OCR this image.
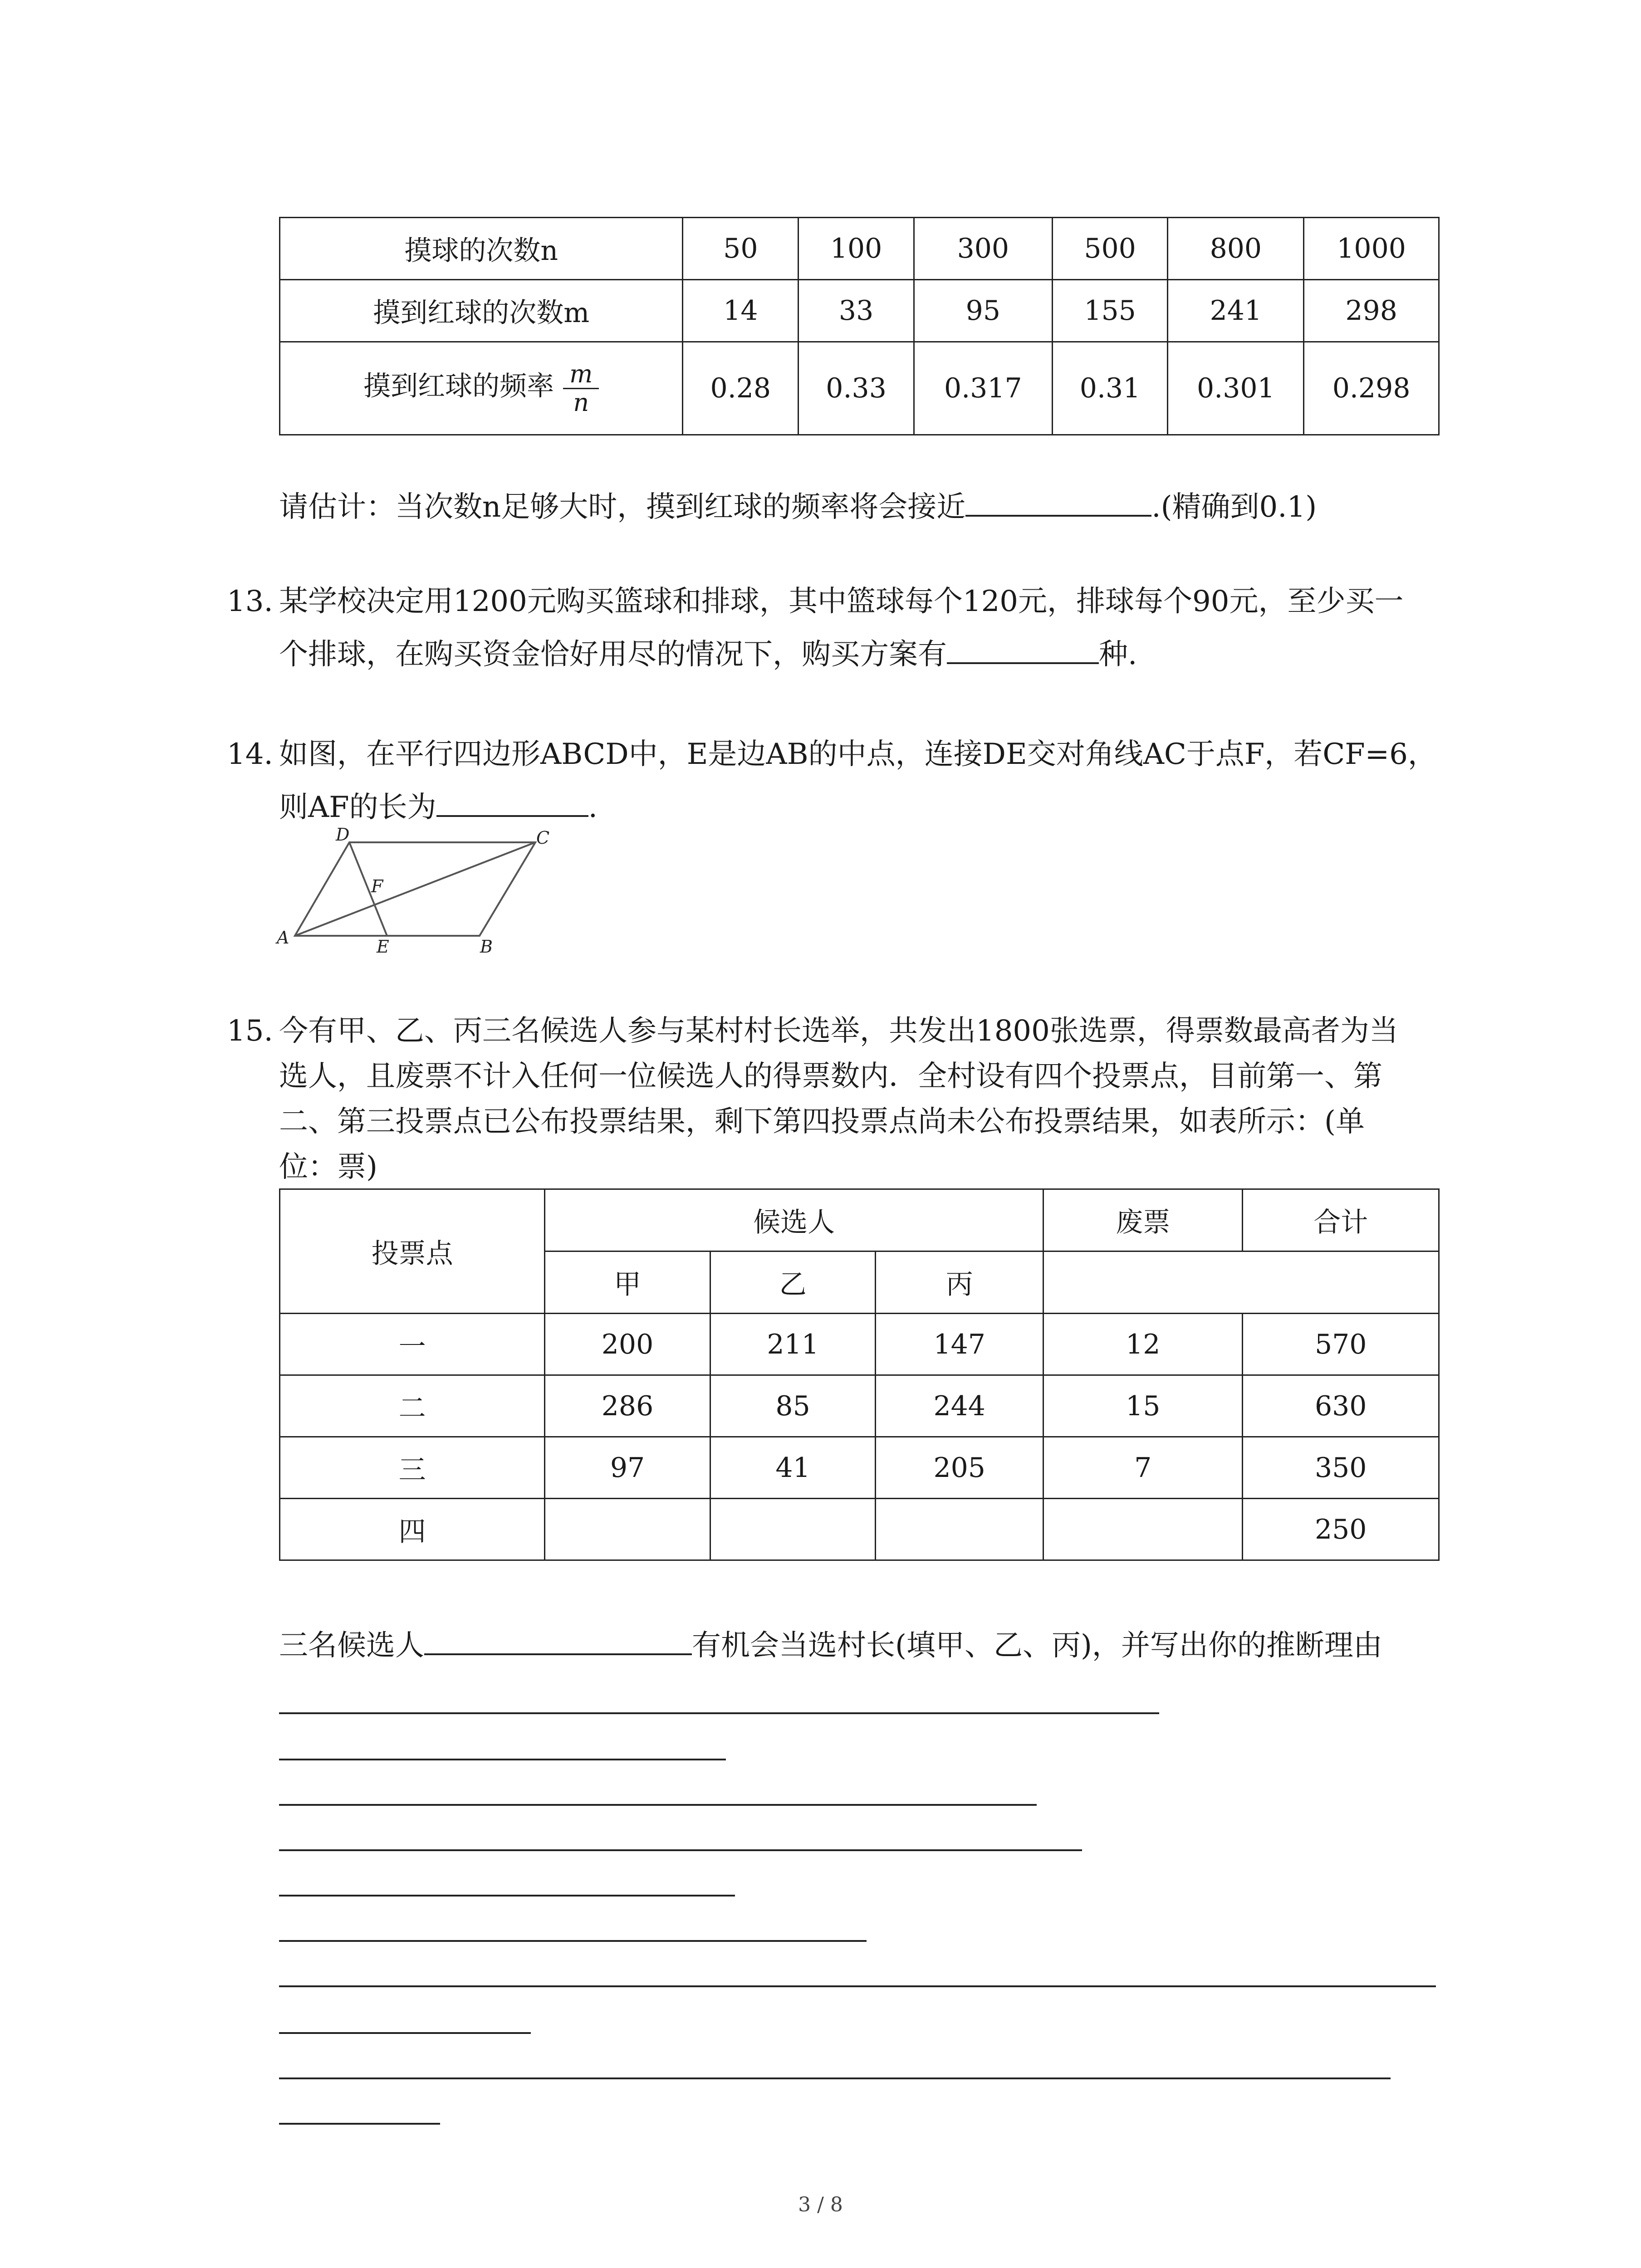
摸球的次数n	50	100	300	500	800	1000
摸到红球的次数m	14	33	95	155	241	298
摸到红球的频率 $\frac{m}{n}$	0.28	0.33	0.317	0.31	0.301	0.298
请估计：当次数n足够大时，摸到红球的频率将会接近	.(精确到0.1)
13. 某学校决定用1200元购买篮球和排球，其中篮球每个120元，排球每个90元，至少买一
个排球，在购买资金恰好用尽的情况下，购买方案有	种.
14. 如图，在平行四边形ABCD中，E是边AB的中点，连接DE交对角线AC于点F，若CF=6，
则AF的长为	.
A	B
C
D
E
F
15. 今有甲、乙、丙三名候选人参与某村村长选举，共发出1800张选票，得票数最高者为当
选人，且废票不计入任何一位候选人的得票数内．全村设有四个投票点，目前第一、第
二、第三投票点已公布投票结果，剩下第四投票点尚未公布投票结果，如表所示：(单
位：票)
投票点	候选人			废票	合计
	甲	乙	丙		
一	200	211	147	12	570
二	286	85	244	15	630
三	97	41	205	7	350
四					250
三名候选人	有机会当选村长(填甲、乙、丙)，并写出你的推断理由
3 / 8
